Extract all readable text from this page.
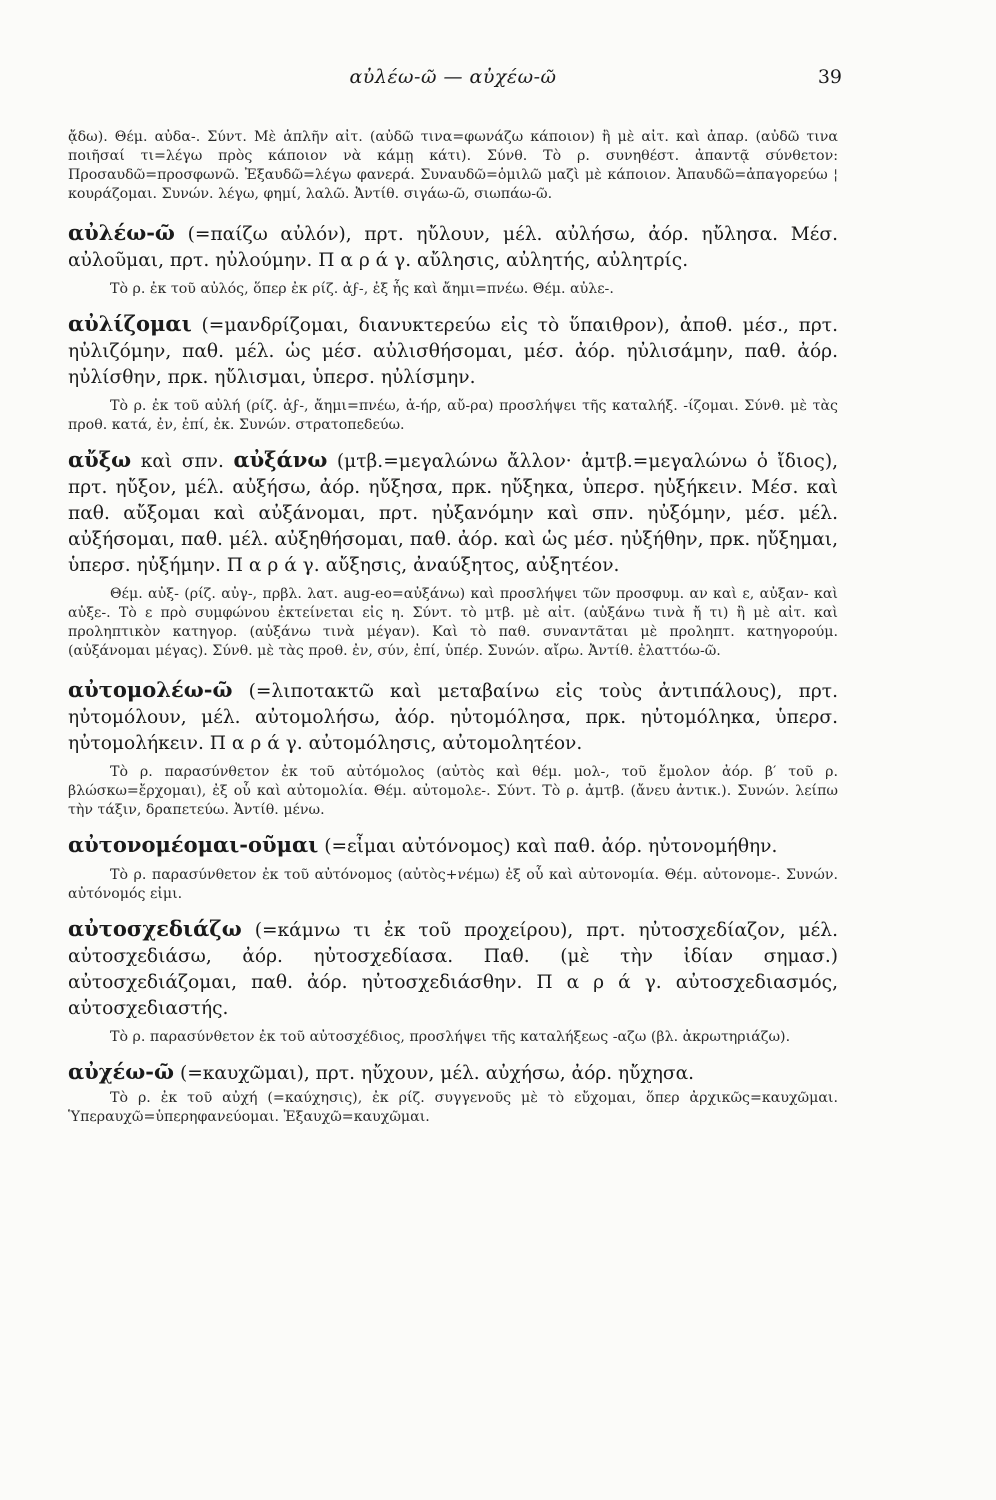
αὐλέω-ῶ — αὐχέω-ῶ	39

ᾄδω). Θέμ. αὐδα-. Σύντ. Μὲ ἁπλῆν αἰτ. (αὐδῶ τινα=φωνάζω κάποιον) ἢ μὲ αἰτ. καὶ ἀπαρ. (αὐδῶ τινα ποιῆσαί τι=λέγω πρὸς κάποιον νὰ κάμῃ κάτι). Σύνθ. Τὸ ρ. συνηθέστ. ἀπαντᾷ σύνθετον: Προσαυδῶ=προσφωνῶ. Ἐξαυδῶ=λέγω φανερά. Συναυδῶ=ὁμιλῶ μαζὶ μὲ κάποιον. Ἀπαυδῶ=ἀπαγορεύω ¦ κουράζομαι. Συνών. λέγω, φημί, λαλῶ. Ἀντίθ. σιγάω-ῶ, σιωπάω-ῶ.

αὐλέω-ῶ (=παίζω αὐλόν), πρτ. ηὔλουν, μέλ. αὐλήσω, ἀόρ. ηὔλησα. Μέσ. αὐλοῦμαι, πρτ. ηὐλούμην. Π α ρ ά γ. αὔλησις, αὐλητής, αὐλητρίς.

Τὸ ρ. ἐκ τοῦ αὐλός, ὅπερ ἐκ ρίζ. ἀϝ-, ἐξ ἧς καὶ ἄημι=πνέω. Θέμ. αὐλε-.

αὐλίζομαι (=μανδρίζομαι, διανυκτερεύω εἰς τὸ ὕπαιθρον), ἀποθ. μέσ., πρτ. ηὐλιζόμην, παθ. μέλ. ὡς μέσ. αὐλισθήσομαι, μέσ. ἀόρ. ηὐλισάμην, παθ. ἀόρ. ηὐλίσθην, πρκ. ηὔλισμαι, ὑπερσ. ηὐλίσμην.

Τὸ ρ. ἐκ τοῦ αὐλή (ρίζ. ἀϝ-, ἄημι=πνέω, ἀ-ήρ, αὔ-ρα) προσλήψει τῆς καταλήξ. -ίζομαι. Σύνθ. μὲ τὰς προθ. κατά, ἐν, ἐπί, ἐκ. Συνών. στρατοπεδεύω.

αὔξω καὶ σπν. αὐξάνω (μτβ.=μεγαλώνω ἄλλον· ἀμτβ.=μεγαλώνω ὁ ἴδιος), πρτ. ηὔξον, μέλ. αὐξήσω, ἀόρ. ηὔξησα, πρκ. ηὔξηκα, ὑπερσ. ηὐξήκειν. Μέσ. καὶ παθ. αὔξομαι καὶ αὐξάνομαι, πρτ. ηὐξανόμην καὶ σπν. ηὐξόμην, μέσ. μέλ. αὐξήσομαι, παθ. μέλ. αὐξηθήσομαι, παθ. ἀόρ. καὶ ὡς μέσ. ηὐξήθην, πρκ. ηὔξημαι, ὑπερσ. ηὐξήμην. Π α ρ ά γ. αὔξησις, ἀναύξητος, αὐξητέον.

Θέμ. αὐξ- (ρίζ. αὐγ-, πρβλ. λατ. aug-eo=αὐξάνω) καὶ προσλήψει τῶν προσφυμ. αν καὶ ε, αὐξαν- καὶ αὐξε-. Τὸ ε πρὸ συμφώνου ἐκτείνεται εἰς η. Σύντ. τὸ μτβ. μὲ αἰτ. (αὐξάνω τινὰ ἤ τι) ἢ μὲ αἰτ. καὶ προληπτικὸν κατηγορ. (αὐξάνω τινὰ μέγαν). Καὶ τὸ παθ. συναντᾶται μὲ προληπτ. κατηγορούμ. (αὐξάνομαι μέγας). Σύνθ. μὲ τὰς προθ. ἐν, σύν, ἐπί, ὑπέρ. Συνών. αἴρω. Ἀντίθ. ἐλαττόω-ῶ.

αὐτομολέω-ῶ (=λιποτακτῶ καὶ μεταβαίνω εἰς τοὺς ἀντιπάλους), πρτ. ηὐτομόλουν, μέλ. αὐτομολήσω, ἀόρ. ηὐτομόλησα, πρκ. ηὐτομόληκα, ὑπερσ. ηὐτομολήκειν. Π α ρ ά γ. αὐτομόλησις, αὐτομολητέον.

Τὸ ρ. παρασύνθετον ἐκ τοῦ αὐτόμολος (αὐτὸς καὶ θέμ. μολ-, τοῦ ἔμολον ἀόρ. β′ τοῦ ρ. βλώσκω=ἔρχομαι), ἐξ οὗ καὶ αὐτομολία. Θέμ. αὐτομολε-. Σύντ. Τὸ ρ. ἀμτβ. (ἄνευ ἀντικ.). Συνών. λείπω τὴν τάξιν, δραπετεύω. Ἀντίθ. μένω.

αὐτονομέομαι-οῦμαι (=εἶμαι αὐτόνομος) καὶ παθ. ἀόρ. ηὐτονομήθην.

Τὸ ρ. παρασύνθετον ἐκ τοῦ αὐτόνομος (αὐτὸς+νέμω) ἐξ οὗ καὶ αὐτονομία. Θέμ. αὐτονομε-. Συνών. αὐτόνομός εἰμι.

αὐτοσχεδιάζω (=κάμνω τι ἐκ τοῦ προχείρου), πρτ. ηὐτοσχεδίαζον, μέλ. αὐτοσχεδιάσω, ἀόρ. ηὐτοσχεδίασα. Παθ. (μὲ τὴν ἰδίαν σημασ.) αὐτοσχεδιάζομαι, παθ. ἀόρ. ηὐτοσχεδιάσθην. Π α ρ ά γ. αὐτοσχεδιασμός, αὐτοσχεδιαστής.

Τὸ ρ. παρασύνθετον ἐκ τοῦ αὐτοσχέδιος, προσλήψει τῆς καταλήξεως -αζω (βλ. ἀκρωτηριάζω).

αὐχέω-ῶ (=καυχῶμαι), πρτ. ηὔχουν, μέλ. αὐχήσω, ἀόρ. ηὔχησα.

Τὸ ρ. ἐκ τοῦ αὐχή (=καύχησις), ἐκ ρίζ. συγγενοῦς μὲ τὸ εὔχομαι, ὅπερ ἀρχικῶς=καυχῶμαι. Ὑπεραυχῶ=ὑπερηφανεύομαι. Ἐξαυχῶ=καυχῶμαι.
